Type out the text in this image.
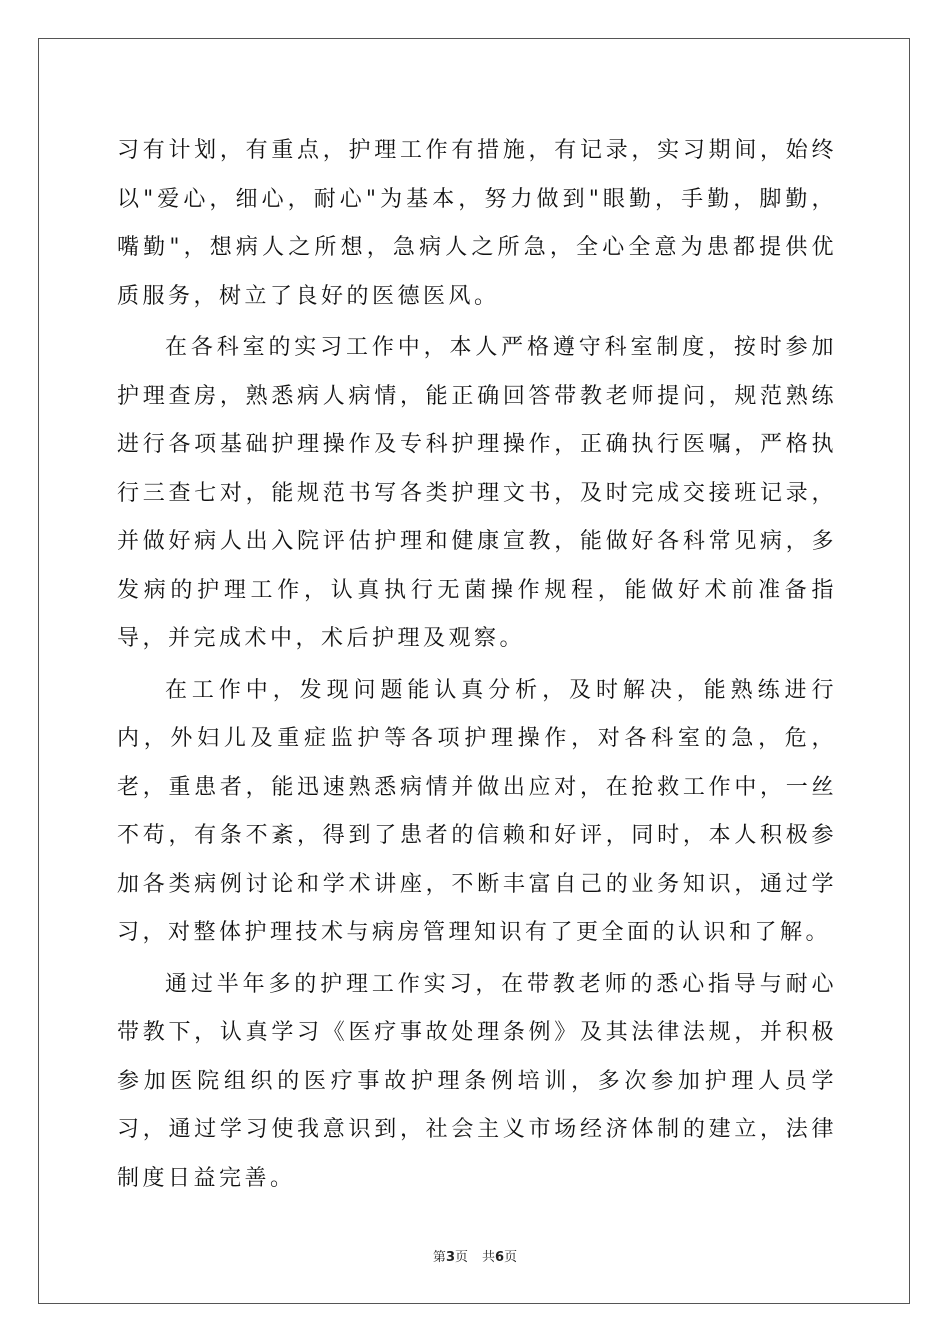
习有计划，有重点，护理工作有措施，有记录，实习期间，始终以"爱心，细心，耐心"为基本，努力做到"眼勤，手勤，脚勤，嘴勤"，想病人之所想，急病人之所急，全心全意为患都提供优质服务，树立了良好的医德医风。

在各科室的实习工作中，本人严格遵守科室制度，按时参加护理查房，熟悉病人病情，能正确回答带教老师提问，规范熟练进行各项基础护理操作及专科护理操作，正确执行医嘱，严格执行三查七对，能规范书写各类护理文书，及时完成交接班记录，并做好病人出入院评估护理和健康宣教，能做好各科常见病，多发病的护理工作，认真执行无菌操作规程，能做好术前准备指导，并完成术中，术后护理及观察。

在工作中，发现问题能认真分析，及时解决，能熟练进行内，外妇儿及重症监护等各项护理操作，对各科室的急，危，老，重患者，能迅速熟悉病情并做出应对，在抢救工作中，一丝不苟，有条不紊，得到了患者的信赖和好评，同时，本人积极参加各类病例讨论和学术讲座，不断丰富自己的业务知识，通过学习，对整体护理技术与病房管理知识有了更全面的认识和了解。

通过半年多的护理工作实习，在带教老师的悉心指导与耐心带教下，认真学习《医疗事故处理条例》及其法律法规，并积极参加医院组织的医疗事故护理条例培训，多次参加护理人员学习，通过学习使我意识到，社会主义市场经济体制的建立，法律制度日益完善。

第3页 共6页
